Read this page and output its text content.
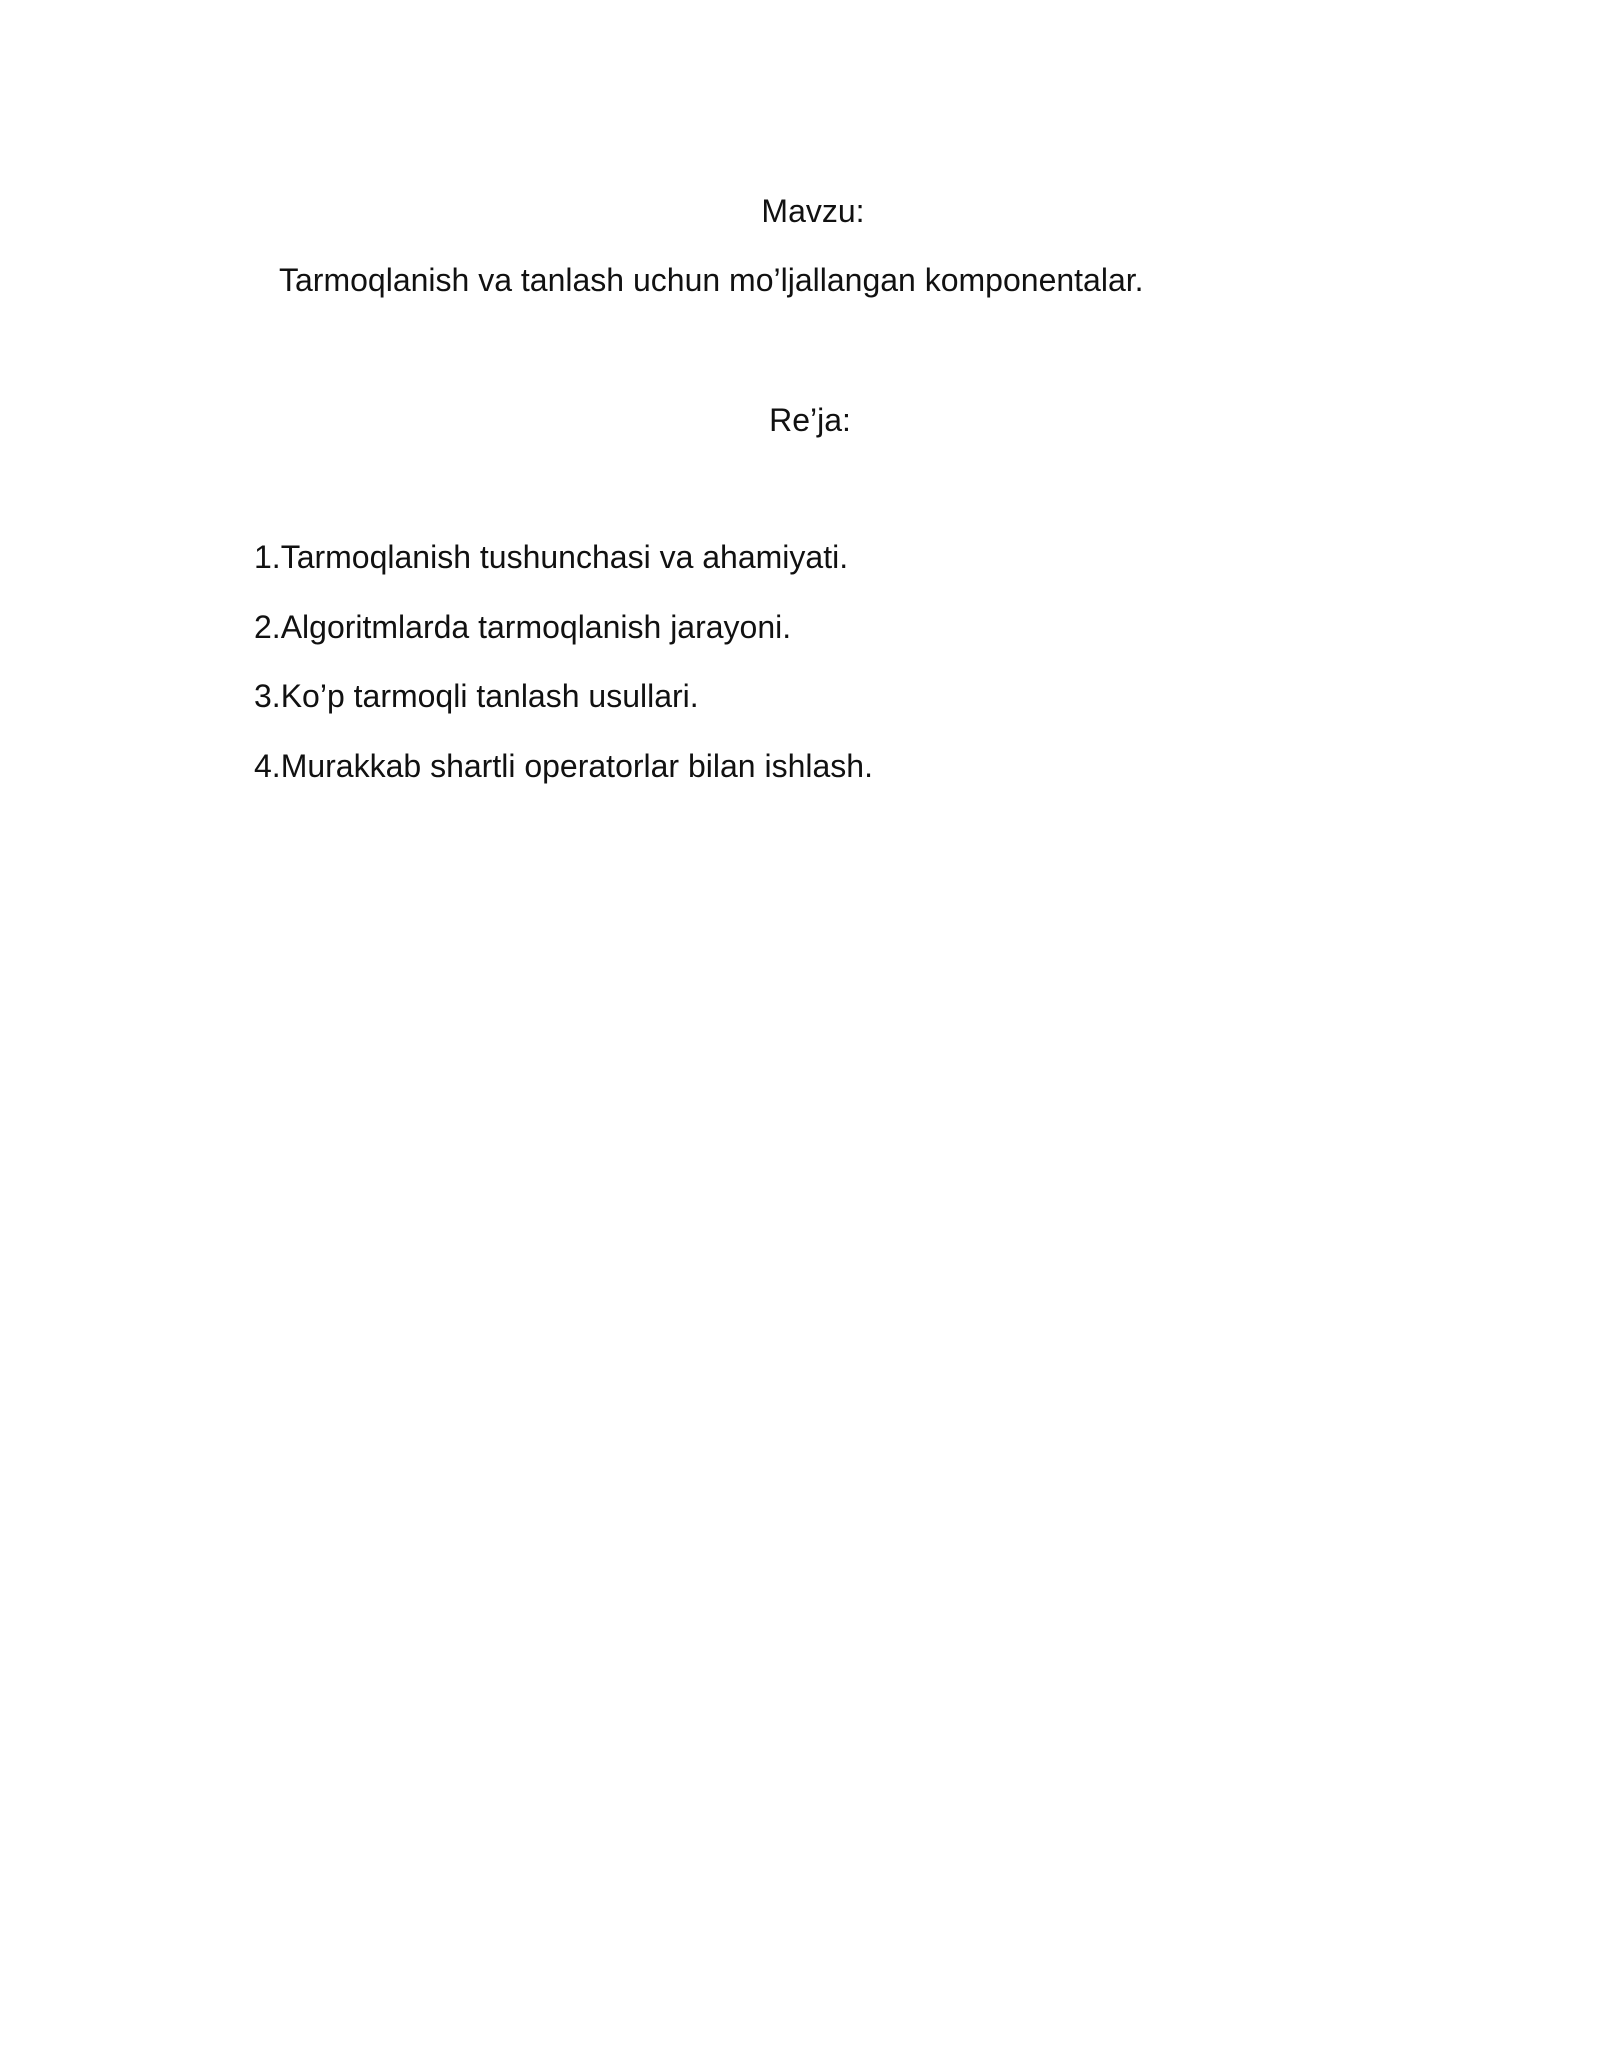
Mavzu:

Tarmoqlanish va tanlash uchun mo’ljallangan komponentalar.

Re’ja:

1.Tarmoqlanish tushunchasi va ahamiyati.
2.Algoritmlarda tarmoqlanish jarayoni.
3.Ko’p tarmoqli tanlash usullari.
4.Murakkab shartli operatorlar bilan ishlash.
